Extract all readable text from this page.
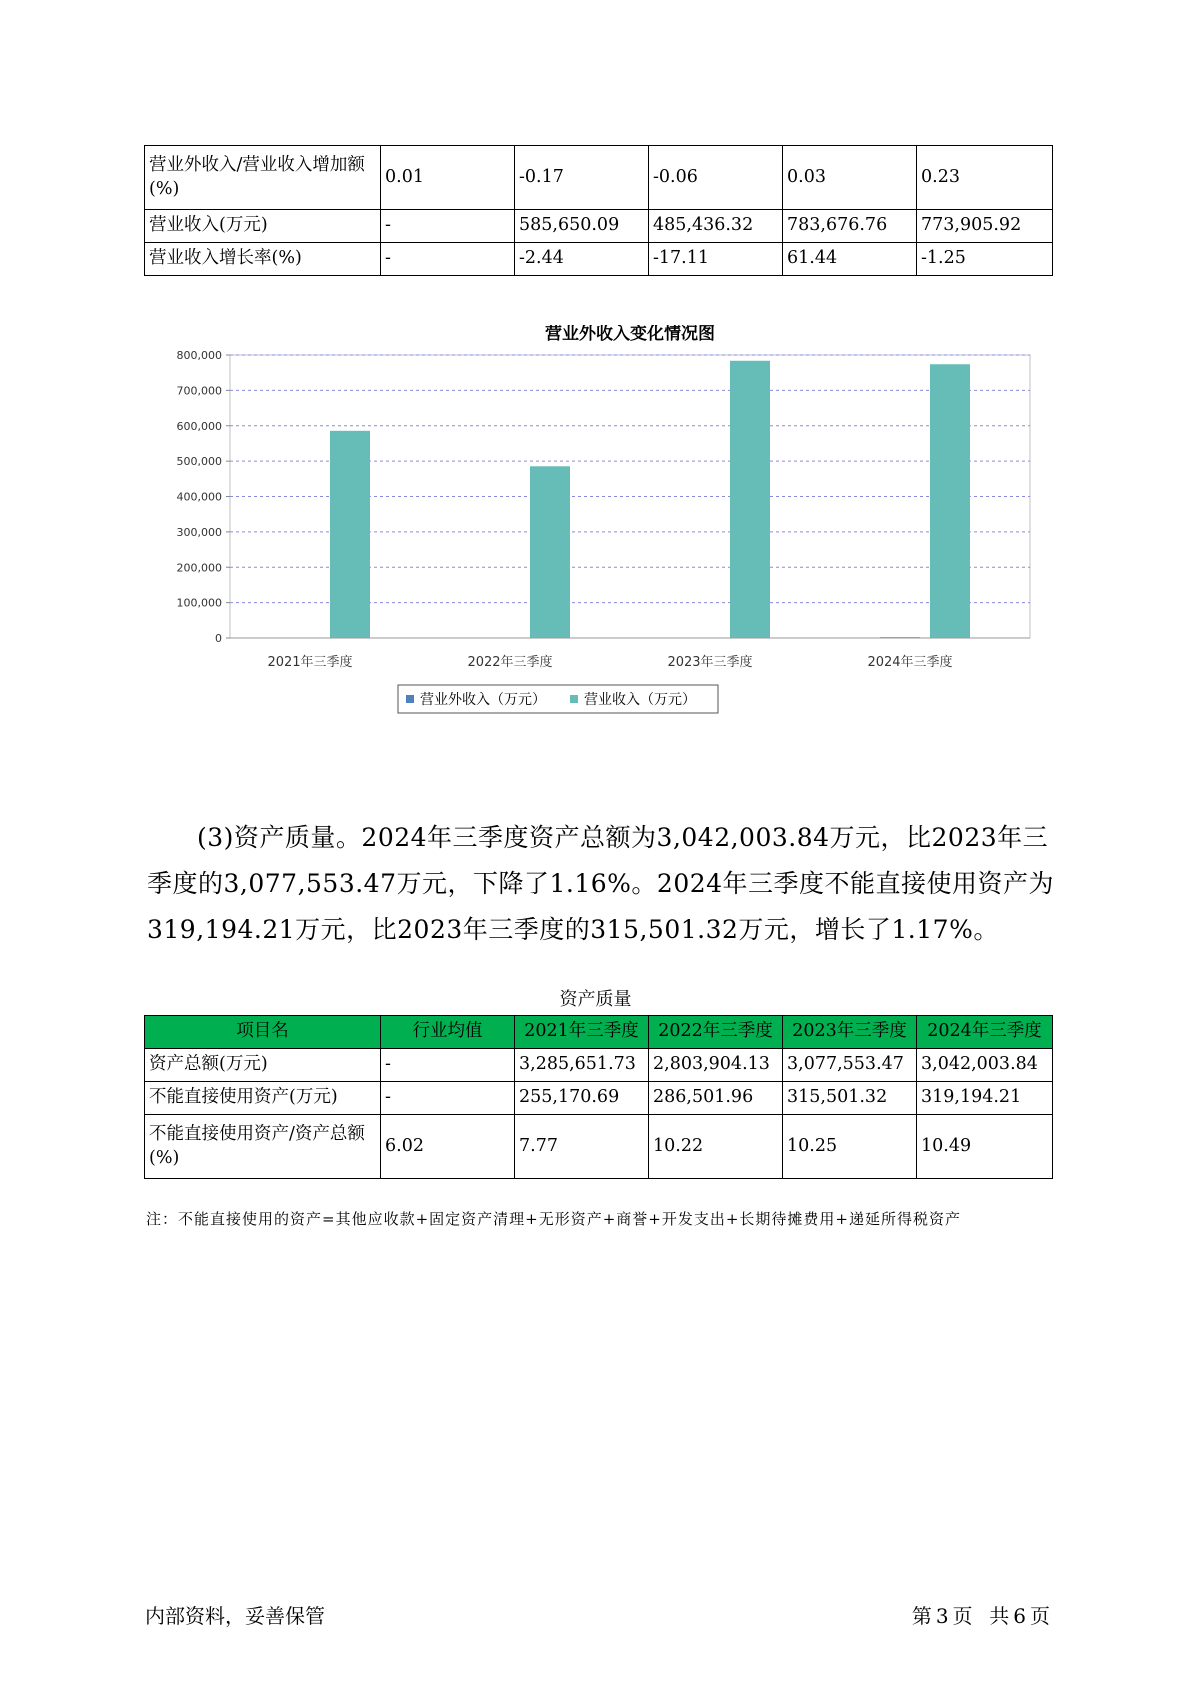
营业外收入/营业收入增加额(%)	0.01	-0.17	-0.06	0.03	0.23
营业收入(万元)	-	585,650.09	485,436.32	783,676.76	773,905.92
营业收入增长率(%)	-	-2.44	-17.11	61.44	-1.25
营业外收入变化情况图
0
100,000
200,000
300,000
400,000
500,000
600,000
700,000
800,000
2021年三季度	2022年三季度	2023年三季度	2024年三季度
营业外收入（万元）	营业收入（万元）
(3)资产质量。2024年三季度资产总额为3,042,003.84万元，比2023年三季度的3,077,553.47万元，下降了1.16%。2024年三季度不能直接使用资产为319,194.21万元，比2023年三季度的315,501.32万元，增长了1.17%。
资产质量
项目名	行业均值	2021年三季度	2022年三季度	2023年三季度	2024年三季度
资产总额(万元)	-	3,285,651.73	2,803,904.13	3,077,553.47	3,042,003.84
不能直接使用资产(万元)	-	255,170.69	286,501.96	315,501.32	319,194.21
不能直接使用资产/资产总额(%)	6.02	7.77	10.22	10.25	10.49
注：不能直接使用的资产=其他应收款+固定资产清理+无形资产+商誉+开发支出+长期待摊费用+递延所得税资产
内部资料，妥善保管	第 3 页 共 6 页
